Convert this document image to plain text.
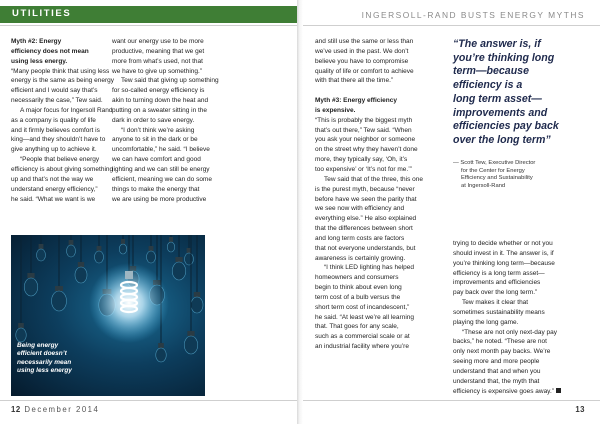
UTILITIES
Myth #2: Energy
efficiency does not mean
using less energy.

“Many people think that using less
energy is the same as being energy
efficient and I would say that’s
necessarily the case,” Tew said.

A major focus for Ingersoll Rand
as a company is quality of life
and it firmly believes comfort is
king—and they shouldn’t have to
give anything up to achieve it.

“People that believe energy
efficiency is about giving something
up and that’s not the way we
understand energy efficiency,”
he said. “What we want is we

want our energy use to be more
productive, meaning that we get
more from what’s used, not that
we have to give up something.”

Tew said that giving up something
for so-called energy efficiency is
akin to turning down the heat and
putting on a sweater sitting in the
dark in order to save energy.

“I don’t think we’re asking
anyone to sit in the dark or be
uncomfortable,” he said. “I believe
we can have comfort and good
lighting and we can still be energy
efficient, meaning we can do some
things to make the energy that
we are using be more productive

Being energy
efficient doesn’t
necessarily mean
using less energy
12 December 2014
INGERSOLL-RAND BUSTS ENERGY MYTHS

and still use the same or less than
we’ve used in the past. We don’t
believe you have to compromise
quality of life or comfort to achieve
with that there all the time.”

Myth #3: Energy efficiency
is expensive.

“This is probably the biggest myth
that’s out there,” Tew said. “When
you ask your neighbor or someone
on the street why they haven’t done
more, they typically say, ‘Oh, it’s
too expensive’ or ‘It’s not for me.’”

Tew said that of the three, this one
is the purest myth, because “never
before have we seen the parity that
we see now with efficiency and
everything else.” He also explained
that the differences between short
and long term costs are factors
that not everyone understands, but
awareness is certainly growing.

“I think LED lighting has helped
homeowners and consumers
begin to think about even long
term cost of a bulb versus the
short term cost of incandescent,”
he said. “At least we’re all learning
that. That goes for any scale,
such as a commercial scale or at
an industrial facility where you’re

“The answer is, if
you’re thinking long
term—because
efficiency is a
long term asset—
improvements and
efficiencies pay back
over the long term”
— Scott Tew, Executive Director
for the Center for Energy
Efficiency and Sustainability
at Ingersoll-Rand

trying to decide whether or not you
should invest in it. The answer is, if
you’re thinking long term—because
efficiency is a long term asset—
improvements and efficiencies
pay back over the long term.”

Tew makes it clear that
sometimes sustainability means
playing the long game.

“These are not only next-day pay
backs,” he noted. “These are not
only next month pay backs. We’re
seeing more and more people
understand that and when you
understand that, the myth that
efficiency is expensive goes away.”

13
